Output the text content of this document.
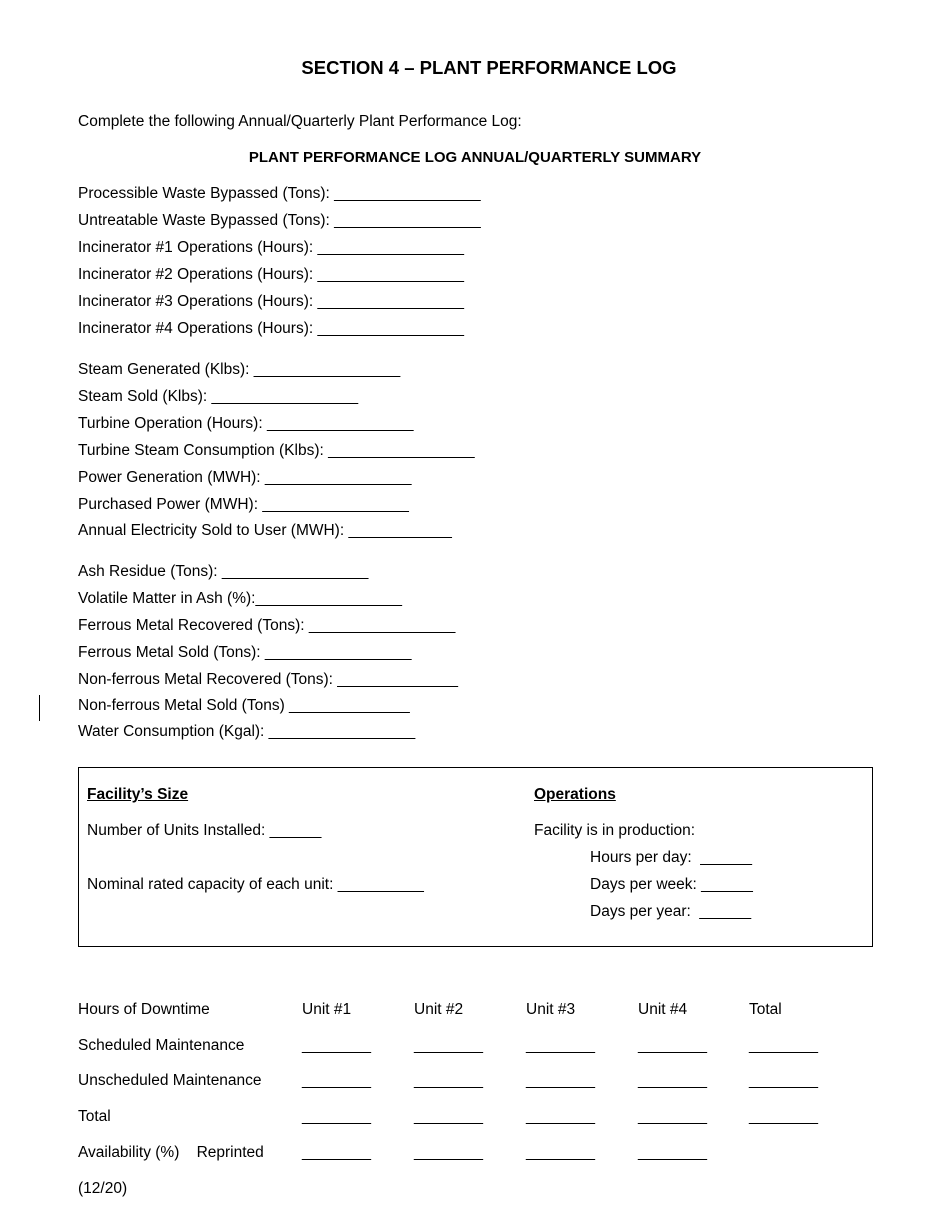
SECTION 4 – PLANT PERFORMANCE LOG
Complete the following Annual/Quarterly Plant Performance Log:
PLANT PERFORMANCE LOG ANNUAL/QUARTERLY SUMMARY
Processible Waste Bypassed (Tons): _________________
Untreatable Waste Bypassed (Tons): _________________
Incinerator #1 Operations (Hours): _________________
Incinerator #2 Operations (Hours): _________________
Incinerator #3 Operations (Hours): _________________
Incinerator #4 Operations (Hours): _________________
Steam Generated (Klbs): _________________
Steam Sold (Klbs): _________________
Turbine Operation (Hours): _________________
Turbine Steam Consumption (Klbs): _________________
Power Generation (MWH): _________________
Purchased Power (MWH): _________________
Annual Electricity Sold to User (MWH): ____________
Ash Residue (Tons): _________________
Volatile Matter in Ash (%):_________________
Ferrous Metal Recovered (Tons): _________________
Ferrous Metal Sold (Tons): _________________
Non-ferrous Metal Recovered (Tons): ______________
Non-ferrous Metal Sold (Tons) ______________
Water Consumption (Kgal): _________________
Facility’s Size
Number of Units Installed: ______
Nominal rated capacity of each unit: __________
Operations
Facility is in production:
Hours per day:  ______
Days per week: ______
Days per year:  ______
Hours of Downtime	Unit #1	Unit #2	Unit #3	Unit #4	Total
Scheduled Maintenance	________	________	________	________	________
Unscheduled Maintenance	________	________	________	________	________
Total	________	________	________	________	________
Availability (%)    Reprinted ________	________	________	________
(12/20)
